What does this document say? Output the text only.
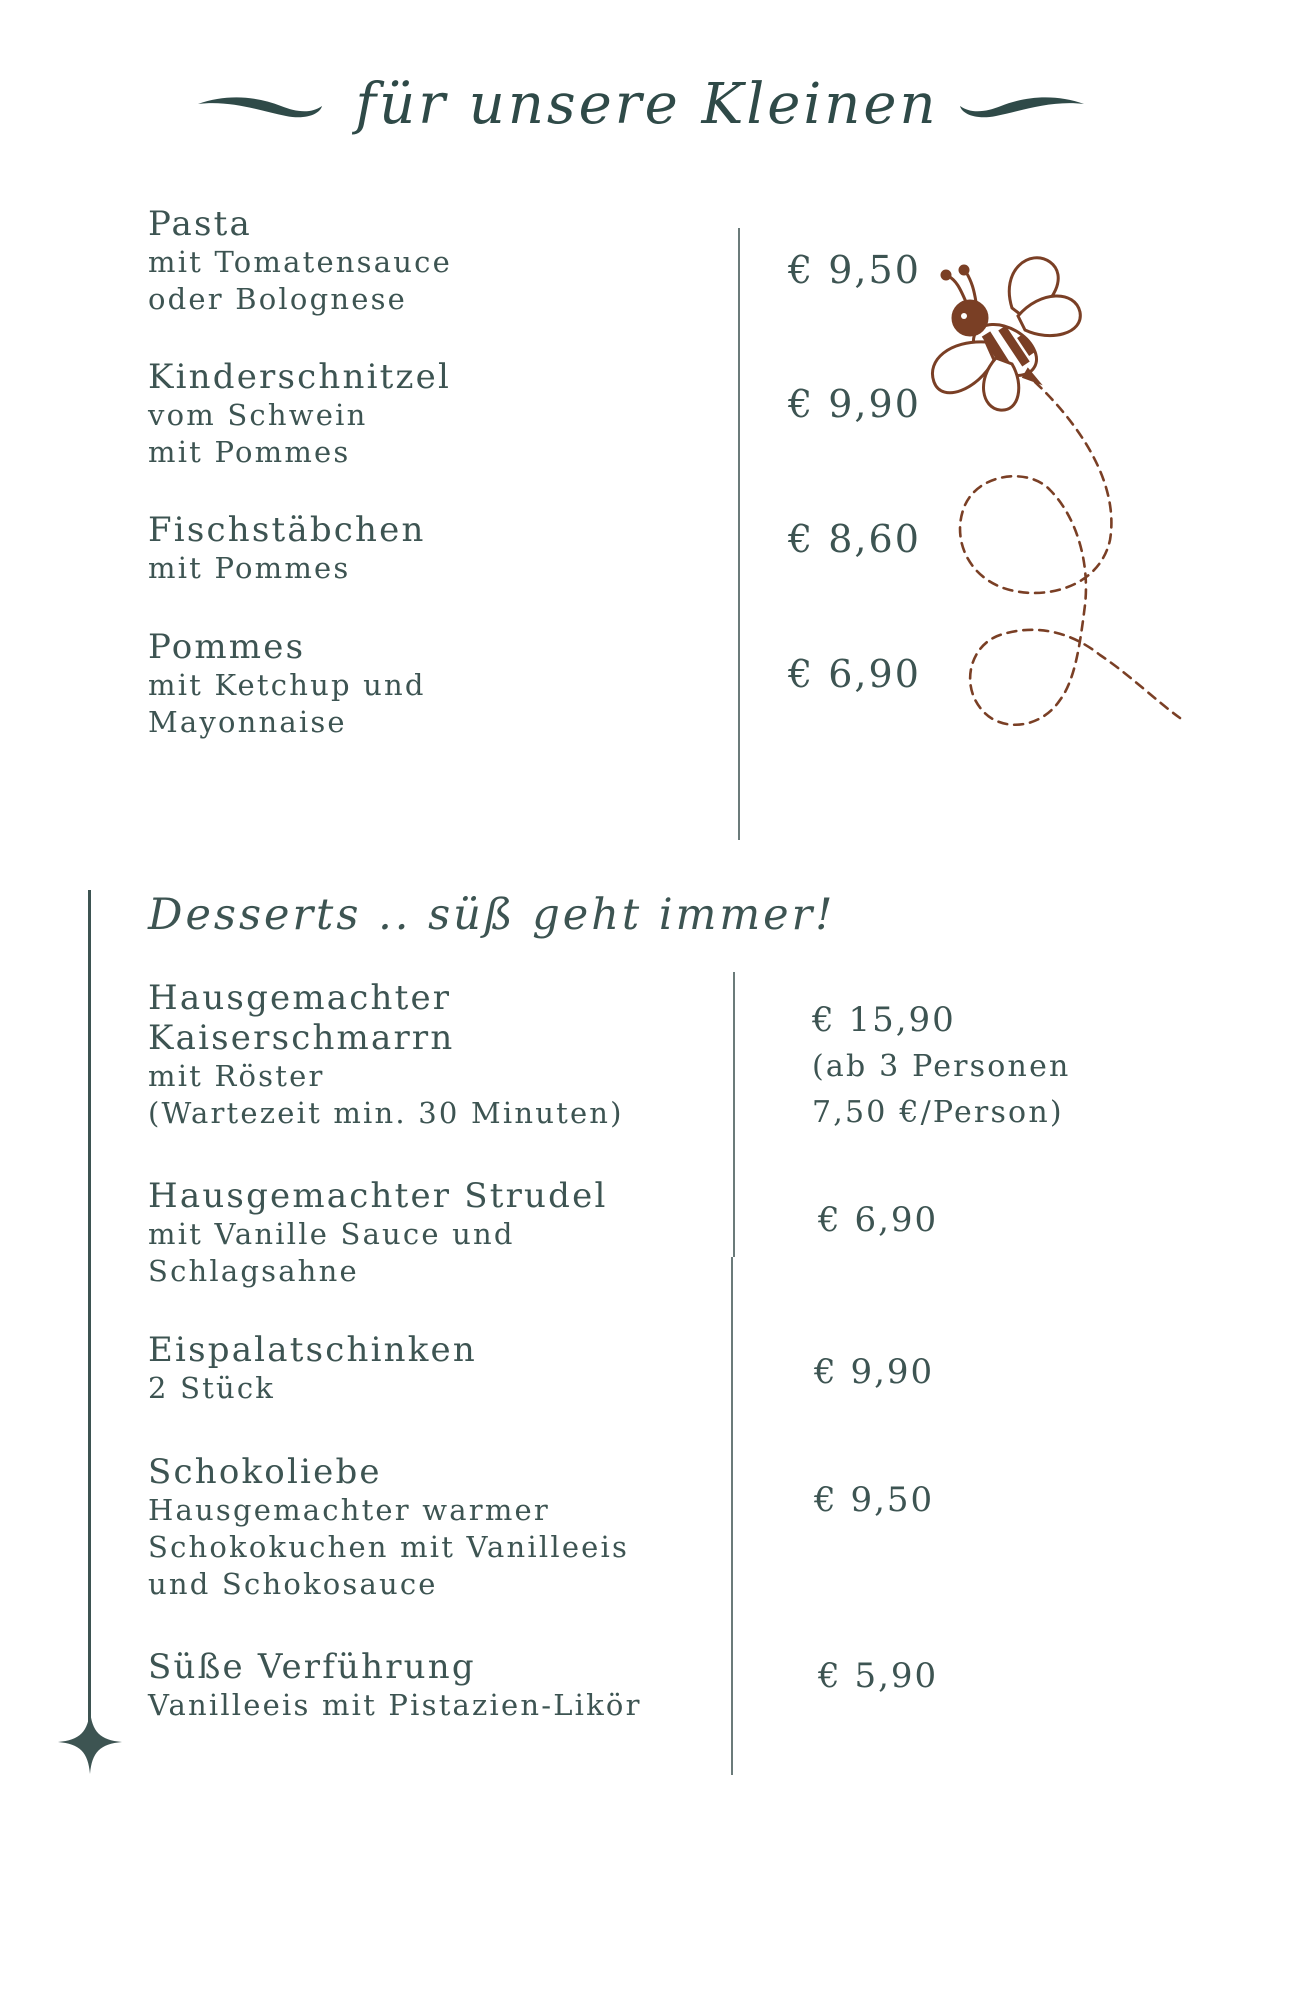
für unsere Kleinen
Pasta
mit Tomatensauce
oder Bolognese
€ 9,50
Kinderschnitzel
vom Schwein
mit Pommes
€ 9,90
Fischstäbchen
mit Pommes
€ 8,60
Pommes
mit Ketchup und
Mayonnaise
€ 6,90
Desserts .. süß geht immer!
Hausgemachter
Kaiserschmarrn
mit Röster
(Wartezeit min. 30 Minuten)
€ 15,90
(ab 3 Personen
7,50 €/Person)
Hausgemachter Strudel
mit Vanille Sauce und
Schlagsahne
€ 6,90
Eispalatschinken
2 Stück	€ 9,90
Schokoliebe
Hausgemachter warmer
Schokokuchen mit Vanilleeis
und Schokosauce
€ 9,50
Süße Verführung
Vanilleeis mit Pistazien-Likör
€ 5,90
